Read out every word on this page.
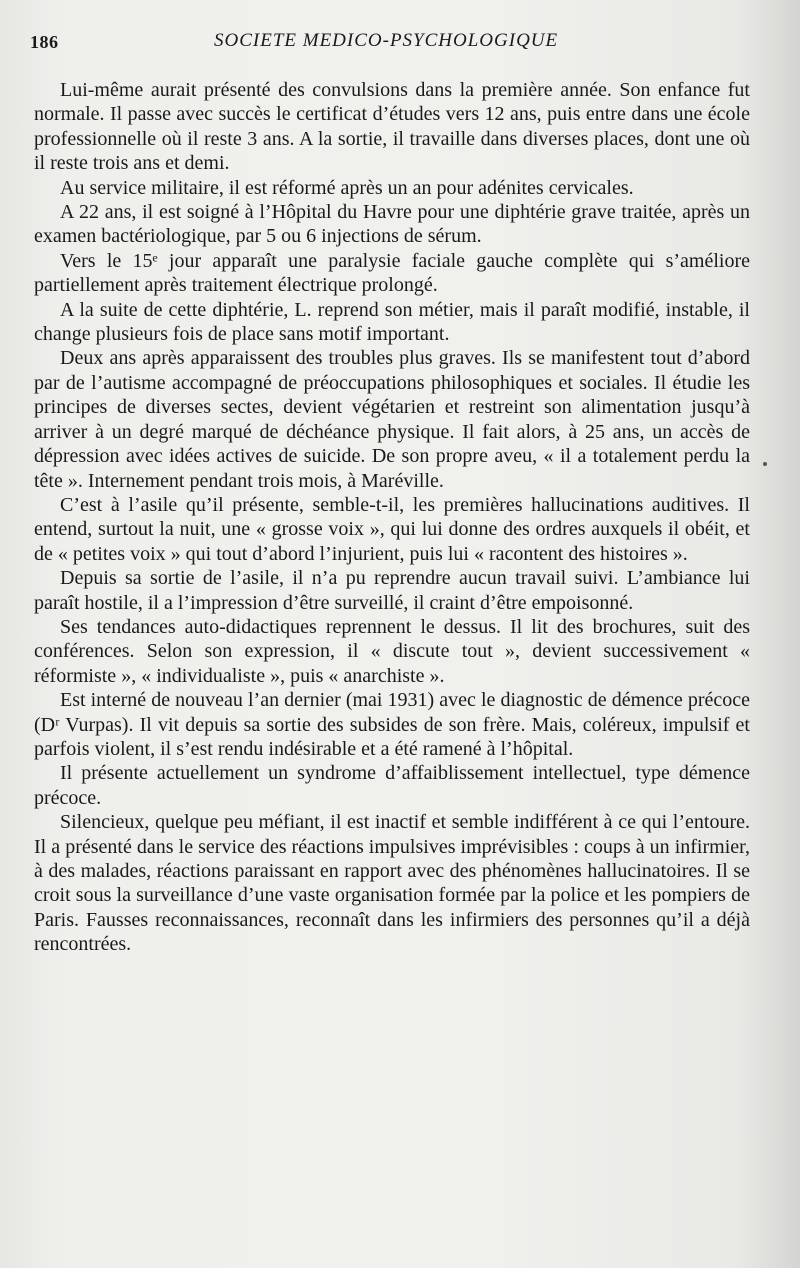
186	SOCIETE MEDICO-PSYCHOLOGIQUE

Lui-même aurait présenté des convulsions dans la première année. Son enfance fut normale. Il passe avec succès le certificat d’études vers 12 ans, puis entre dans une école professionnelle où il reste 3 ans. A la sortie, il travaille dans diverses places, dont une où il reste trois ans et demi.

Au service militaire, il est réformé après un an pour adénites cervicales.

A 22 ans, il est soigné à l’Hôpital du Havre pour une diphtérie grave traitée, après un examen bactériologique, par 5 ou 6 injections de sérum.

Vers le 15ᵉ jour apparaît une paralysie faciale gauche complète qui s’améliore partiellement après traitement électrique prolongé.

A la suite de cette diphtérie, L. reprend son métier, mais il paraît modifié, instable, il change plusieurs fois de place sans motif important.

Deux ans après apparaissent des troubles plus graves. Ils se manifestent tout d’abord par de l’autisme accompagné de préoccupations philosophiques et sociales. Il étudie les principes de diverses sectes, devient végétarien et restreint son alimentation jusqu’à arriver à un degré marqué de déchéance physique. Il fait alors, à 25 ans, un accès de dépression avec idées actives de suicide. De son propre aveu, « il a totalement perdu la tête ». Internement pendant trois mois, à Maréville.

C’est à l’asile qu’il présente, semble-t-il, les premières hallucinations auditives. Il entend, surtout la nuit, une « grosse voix », qui lui donne des ordres auxquels il obéit, et de « petites voix » qui tout d’abord l’injurient, puis lui « racontent des histoires ».

Depuis sa sortie de l’asile, il n’a pu reprendre aucun travail suivi. L’ambiance lui paraît hostile, il a l’impression d’être surveillé, il craint d’être empoisonné.

Ses tendances auto-didactiques reprennent le dessus. Il lit des brochures, suit des conférences. Selon son expression, il « discute tout », devient successivement « réformiste », « individualiste », puis « anarchiste ».

Est interné de nouveau l’an dernier (mai 1931) avec le diagnostic de démence précoce (Dʳ Vurpas). Il vit depuis sa sortie des subsides de son frère. Mais, coléreux, impulsif et parfois violent, il s’est rendu indésirable et a été ramené à l’hôpital.

Il présente actuellement un syndrome d’affaiblissement intellectuel, type démence précoce.

Silencieux, quelque peu méfiant, il est inactif et semble indifférent à ce qui l’entoure. Il a présenté dans le service des réactions impulsives imprévisibles : coups à un infirmier, à des malades, réactions paraissant en rapport avec des phénomènes hallucinatoires. Il se croit sous la surveillance d’une vaste organisation formée par la police et les pompiers de Paris. Fausses reconnaissances, reconnaît dans les infirmiers des personnes qu’il a déjà rencontrées.
